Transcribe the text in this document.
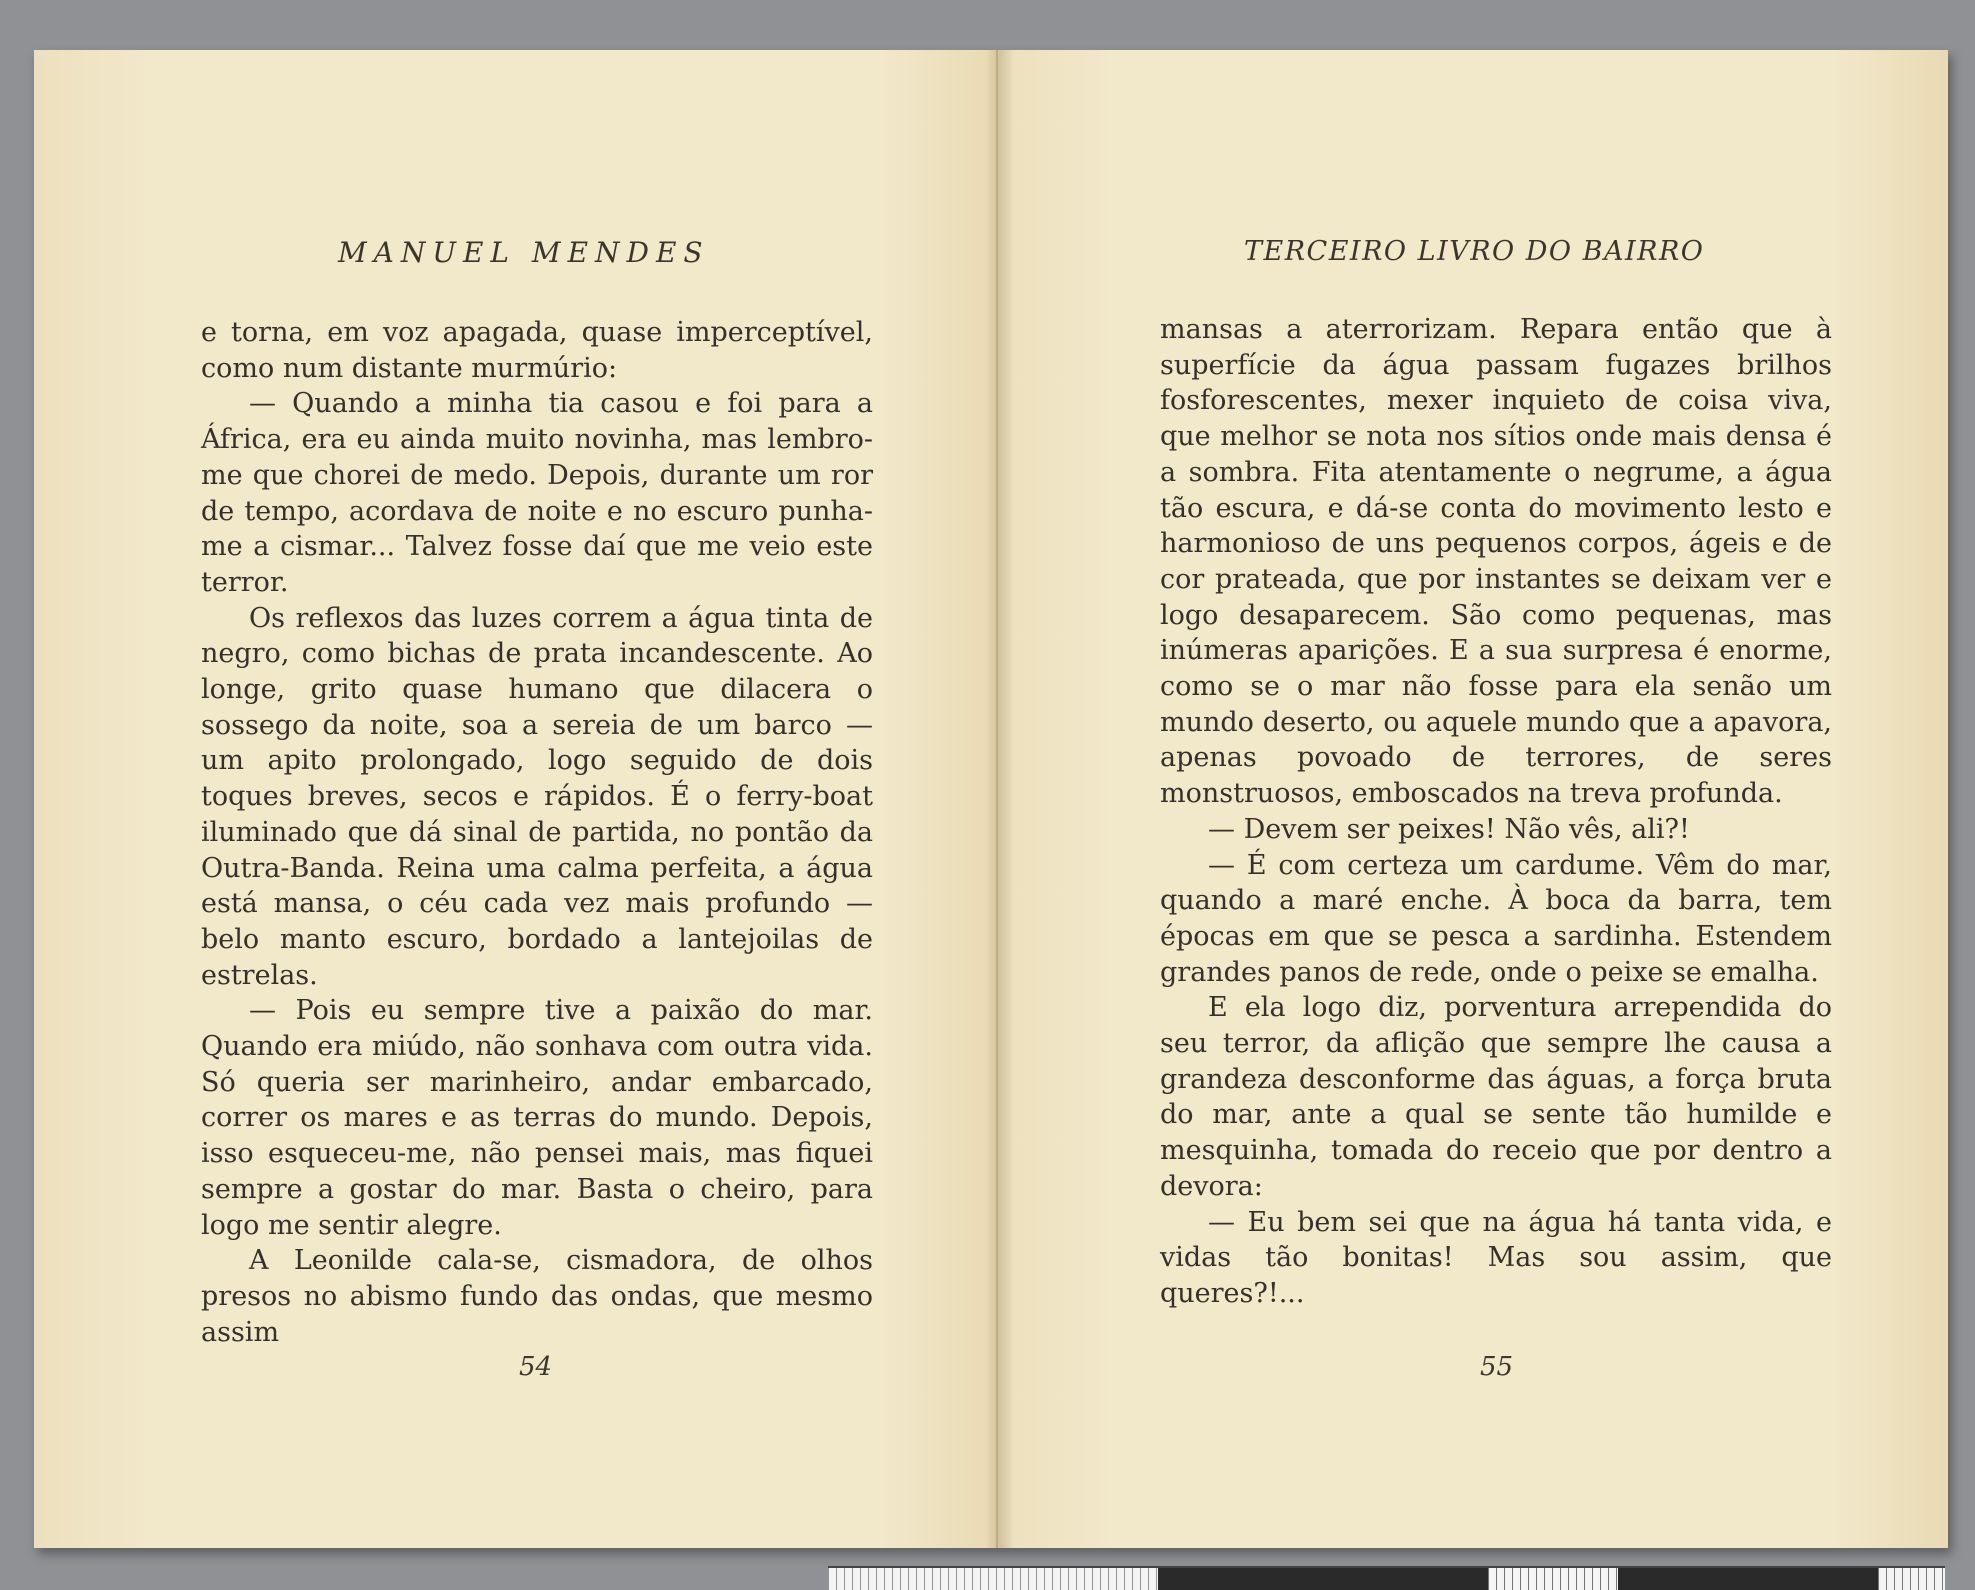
MANUEL MENDES

e torna, em voz apagada, quase imperceptível, como num distante murmúrio:

— Quando a minha tia casou e foi para a África, era eu ainda muito novinha, mas lembro-me que chorei de medo. Depois, durante um ror de tempo, acordava de noite e no escuro punha-me a cismar... Talvez fosse daí que me veio este terror.

Os reflexos das luzes correm a água tinta de negro, como bichas de prata incandescente. Ao longe, grito quase humano que dilacera o sossego da noite, soa a sereia de um barco — um apito prolongado, logo seguido de dois toques breves, secos e rápidos. É o ferry-boat iluminado que dá sinal de partida, no pontão da Outra-Banda. Reina uma calma perfeita, a água está mansa, o céu cada vez mais profundo — belo manto escuro, bordado a lantejoilas de estrelas.

— Pois eu sempre tive a paixão do mar. Quando era miúdo, não sonhava com outra vida. Só queria ser marinheiro, andar embarcado, correr os mares e as terras do mundo. Depois, isso esqueceu-me, não pensei mais, mas fiquei sempre a gostar do mar. Basta o cheiro, para logo me sentir alegre.

A Leonilde cala-se, cismadora, de olhos presos no abismo fundo das ondas, que mesmo assim

54
TERCEIRO LIVRO DO BAIRRO

mansas a aterrorizam. Repara então que à superfície da água passam fugazes brilhos fosforescentes, mexer inquieto de coisa viva, que melhor se nota nos sítios onde mais densa é a sombra. Fita atentamente o negrume, a água tão escura, e dá-se conta do movimento lesto e harmonioso de uns pequenos corpos, ágeis e de cor prateada, que por instantes se deixam ver e logo desaparecem. São como pequenas, mas inúmeras aparições. E a sua surpresa é enorme, como se o mar não fosse para ela senão um mundo deserto, ou aquele mundo que a apavora, apenas povoado de terrores, de seres monstruosos, emboscados na treva profunda.

— Devem ser peixes! Não vês, ali?!

— É com certeza um cardume. Vêm do mar, quando a maré enche. À boca da barra, tem épocas em que se pesca a sardinha. Estendem grandes panos de rede, onde o peixe se emalha.

E ela logo diz, porventura arrependida do seu terror, da aflição que sempre lhe causa a grandeza desconforme das águas, a força bruta do mar, ante a qual se sente tão humilde e mesquinha, tomada do receio que por dentro a devora:

— Eu bem sei que na água há tanta vida, e vidas tão bonitas! Mas sou assim, que queres?!...

55
